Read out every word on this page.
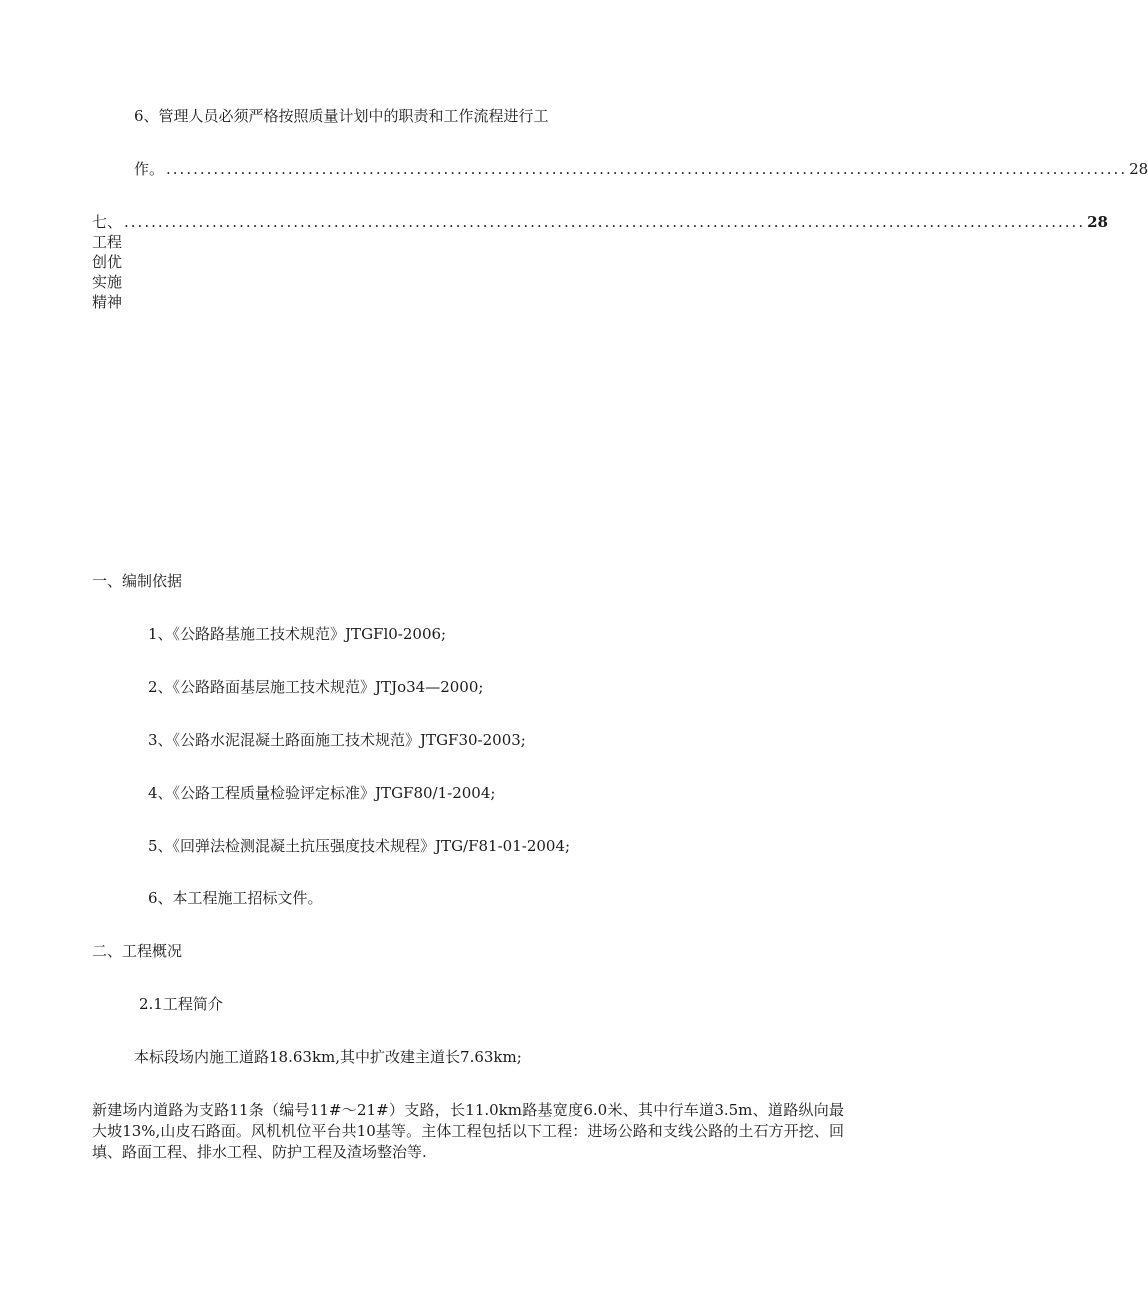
6、管理人员必须严格按照质量计划中的职责和工作流程进行工
作。 .............................................................................................................................................. 28
七、工程创优实施精神
.............................................................................................................................................. 28
一、编制依据
1、《公路路基施工技术规范》JTGFl0-2006;
2、《公路路面基层施工技术规范》JTJo34—2000;
3、《公路水泥混凝土路面施工技术规范》JTGF30-2003;
4、《公路工程质量检验评定标准》JTGF80/1-2004;
5、《回弹法检测混凝土抗压强度技术规程》JTG/F81-01-2004;
6、本工程施工招标文件。
二、工程概况
2.1工程简介
本标段场内施工道路18.63km,其中扩改建主道长7.63km;
新建场内道路为支路11条（编号11#～21#）支路，长11.0km路基宽度6.0米、其中行车道3.5m、道路纵向最大坡13%,山皮石路面。风机机位平台共10基等。主体工程包括以下工程：进场公路和支线公路的土石方开挖、回填、路面工程、排水工程、防护工程及渣场整治等.
